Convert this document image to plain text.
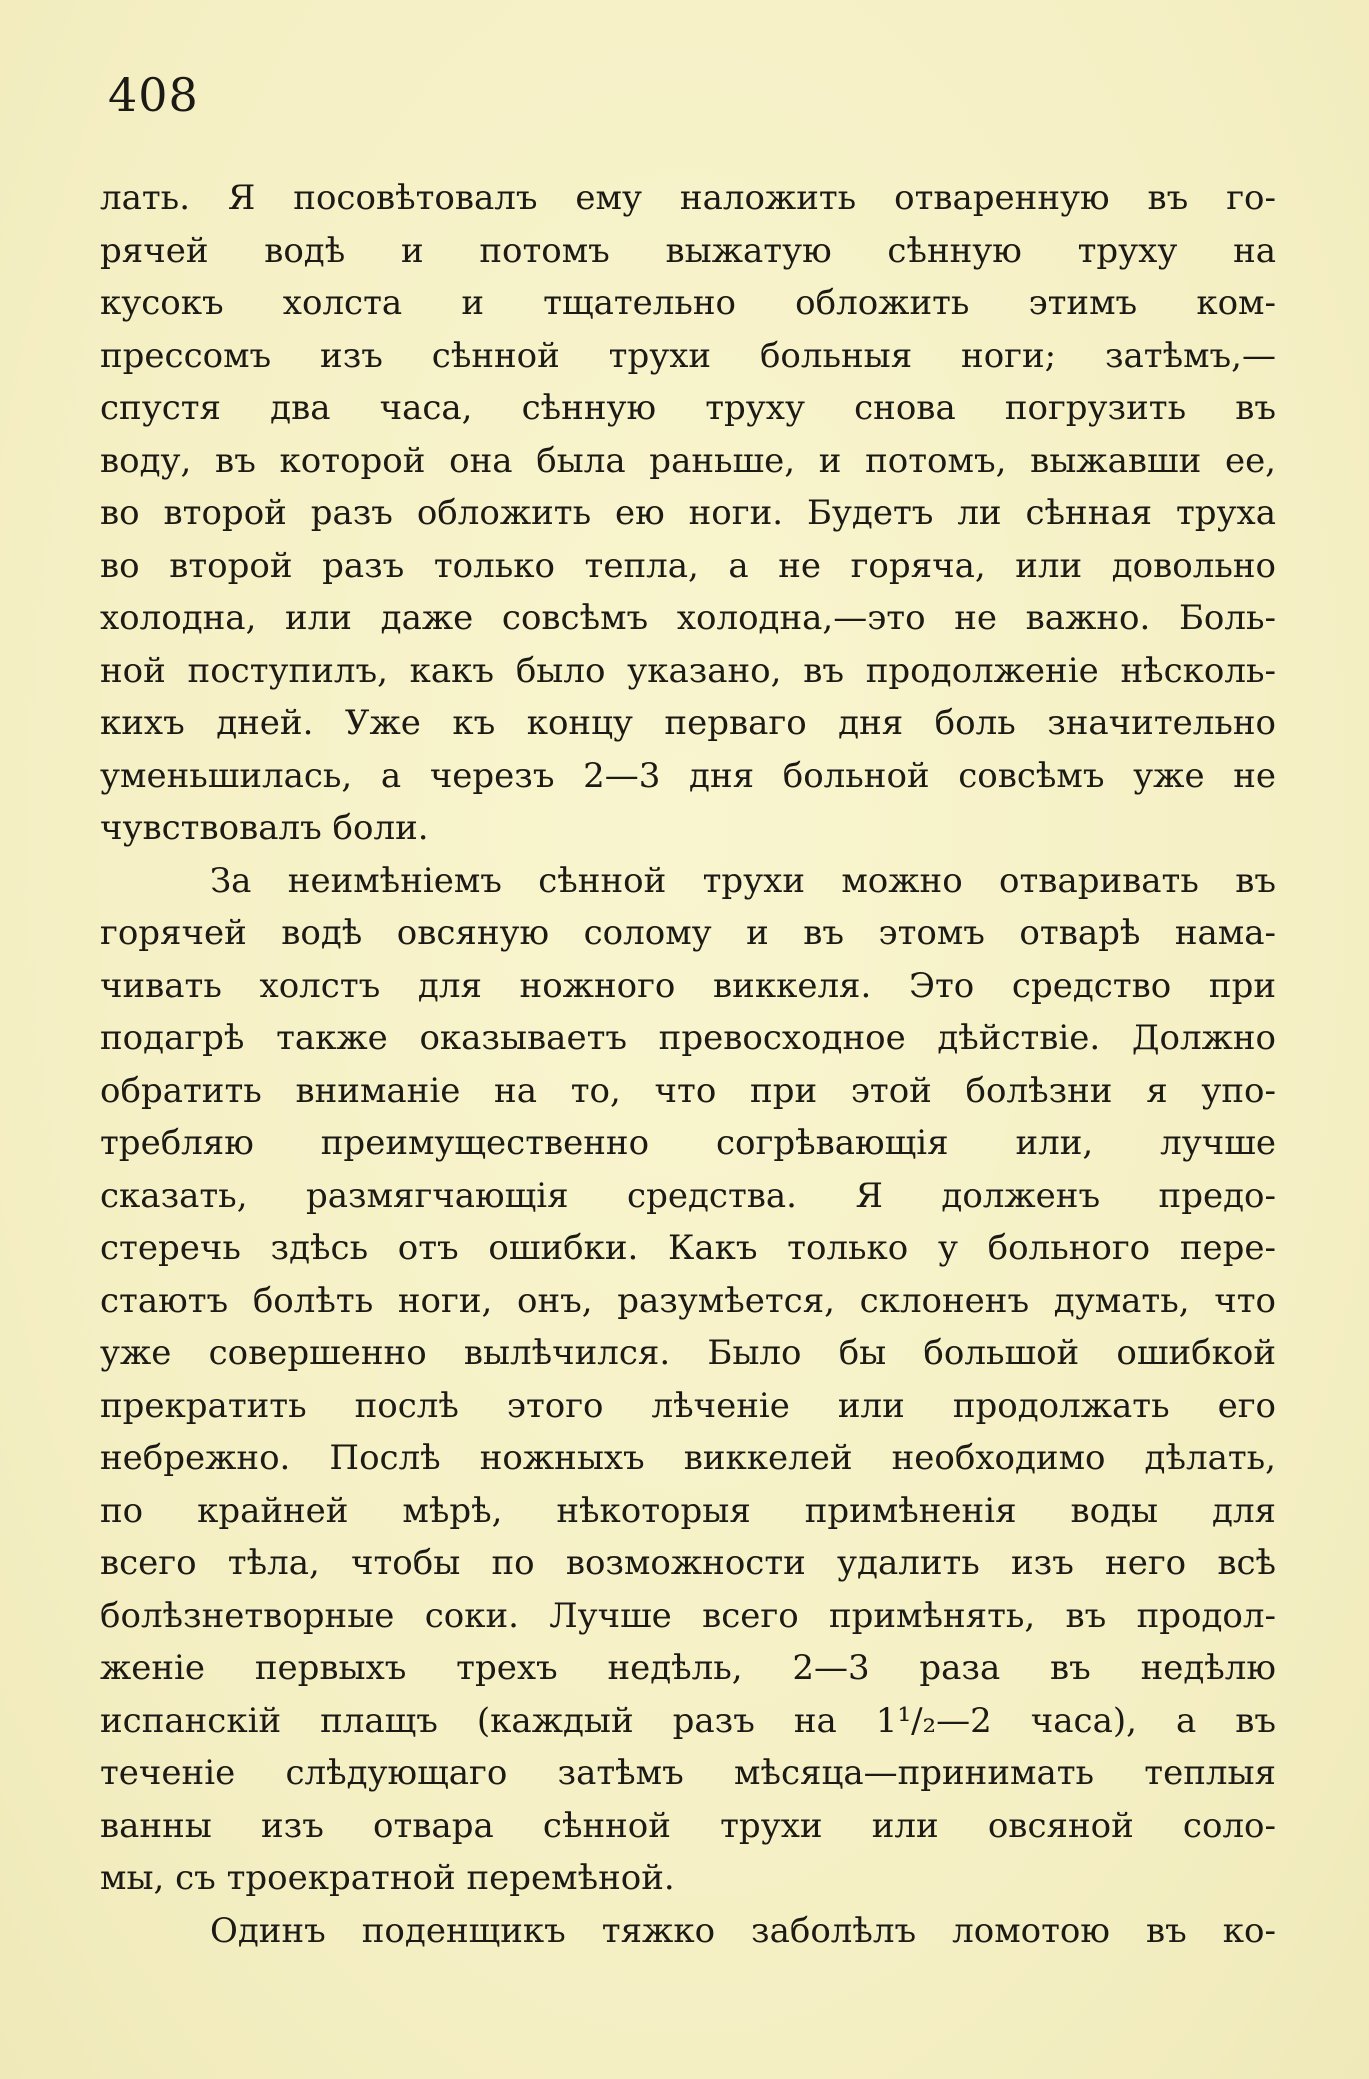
408
лать. Я посовѣтовалъ ему наложить отваренную въ го-
рячей водѣ и потомъ выжатую сѣнную труху на
кусокъ холста и тщательно обложить этимъ ком-
прессомъ изъ сѣнной трухи больныя ноги; затѣмъ,—
спустя два часа, сѣнную труху снова погрузить въ
воду, въ которой она была раньше, и потомъ, выжавши ее,
во второй разъ обложить ею ноги. Будетъ ли сѣнная труха
во второй разъ только тепла, а не горяча, или довольно
холодна, или даже совсѣмъ холодна,—это не важно. Боль-
ной поступилъ, какъ было указано, въ продолженіе нѣсколь-
кихъ дней. Уже къ концу перваго дня боль значительно
уменьшилась, а черезъ 2—3 дня больной совсѣмъ уже не
чувствовалъ боли.
За неимѣніемъ сѣнной трухи можно отваривать въ
горячей водѣ овсяную солому и въ этомъ отварѣ нама-
чивать холстъ для ножного виккеля. Это средство при
подагрѣ также оказываетъ превосходное дѣйствіе. Должно
обратить вниманіе на то, что при этой болѣзни я упо-
требляю преимущественно согрѣвающія или, лучше
сказать, размягчающія средства. Я долженъ предо-
стеречь здѣсь отъ ошибки. Какъ только у больного пере-
стаютъ болѣть ноги, онъ, разумѣется, склоненъ думать, что
уже совершенно вылѣчился. Было бы большой ошибкой
прекратить послѣ этого лѣченіе или продолжать его
небрежно. Послѣ ножныхъ виккелей необходимо дѣлать,
по крайней мѣрѣ, нѣкоторыя примѣненія воды для
всего тѣла, чтобы по возможности удалить изъ него всѣ
болѣзнетворные соки. Лучше всего примѣнять, въ продол-
женіе первыхъ трехъ недѣль, 2—3 раза въ недѣлю
испанскій плащъ (каждый разъ на 1¹/₂—2 часа), а въ
теченіе слѣдующаго затѣмъ мѣсяца—принимать теплыя
ванны изъ отвара сѣнной трухи или овсяной соло-
мы, съ троекратной перемѣной.
Одинъ поденщикъ тяжко заболѣлъ ломотою въ ко-
